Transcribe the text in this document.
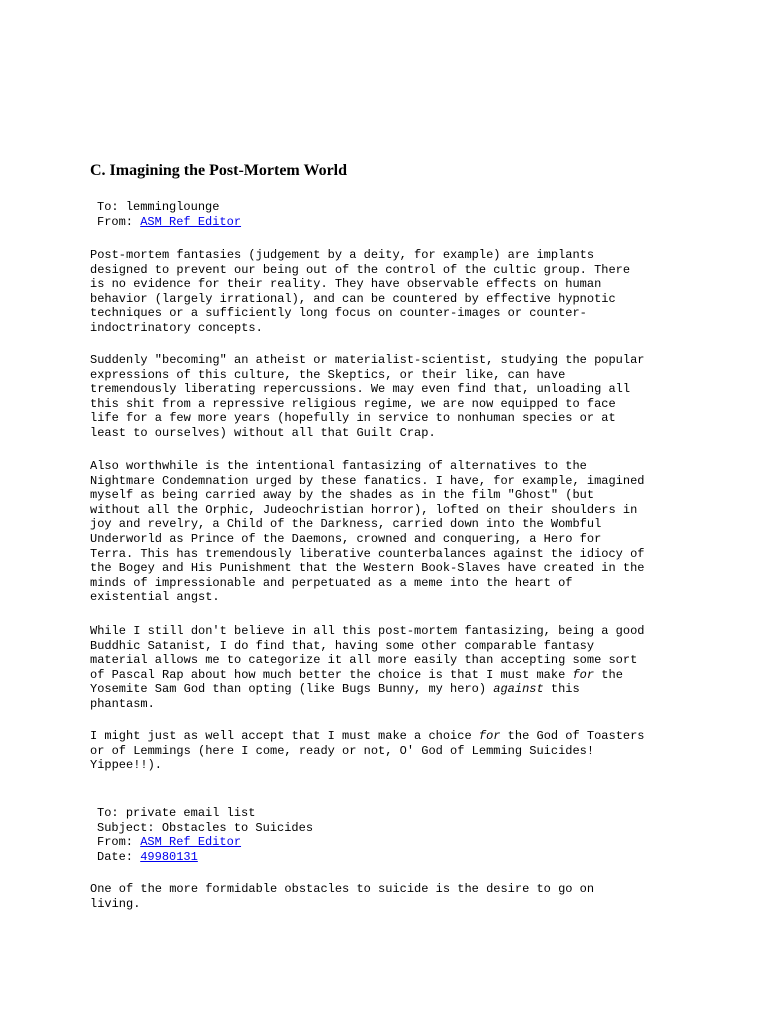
C. Imagining the Post-Mortem World
To: lemminglounge
From: ASM Ref Editor
Post-mortem fantasies (judgement by a deity, for example) are implants
designed to prevent our being out of the control of the cultic group. There
is no evidence for their reality. They have observable effects on human
behavior (largely irrational), and can be countered by effective hypnotic
techniques or a sufficiently long focus on counter-images or counter-
indoctrinatory concepts.
Suddenly "becoming" an atheist or materialist-scientist, studying the popular
expressions of this culture, the Skeptics, or their like, can have
tremendously liberating repercussions. We may even find that, unloading all
this shit from a repressive religious regime, we are now equipped to face
life for a few more years (hopefully in service to nonhuman species or at
least to ourselves) without all that Guilt Crap.
Also worthwhile is the intentional fantasizing of alternatives to the
Nightmare Condemnation urged by these fanatics. I have, for example, imagined
myself as being carried away by the shades as in the film "Ghost" (but
without all the Orphic, Judeochristian horror), lofted on their shoulders in
joy and revelry, a Child of the Darkness, carried down into the Wombful
Underworld as Prince of the Daemons, crowned and conquering, a Hero for
Terra. This has tremendously liberative counterbalances against the idiocy of
the Bogey and His Punishment that the Western Book-Slaves have created in the
minds of impressionable and perpetuated as a meme into the heart of
existential angst.
While I still don't believe in all this post-mortem fantasizing, being a good
Buddhic Satanist, I do find that, having some other comparable fantasy
material allows me to categorize it all more easily than accepting some sort
of Pascal Rap about how much better the choice is that I must make for the
Yosemite Sam God than opting (like Bugs Bunny, my hero) against this
phantasm.
I might just as well accept that I must make a choice for the God of Toasters
or of Lemmings (here I come, ready or not, O' God of Lemming Suicides!
Yippee!!).
To: private email list
Subject: Obstacles to Suicides
From: ASM Ref Editor
Date: 49980131
One of the more formidable obstacles to suicide is the desire to go on
living.
